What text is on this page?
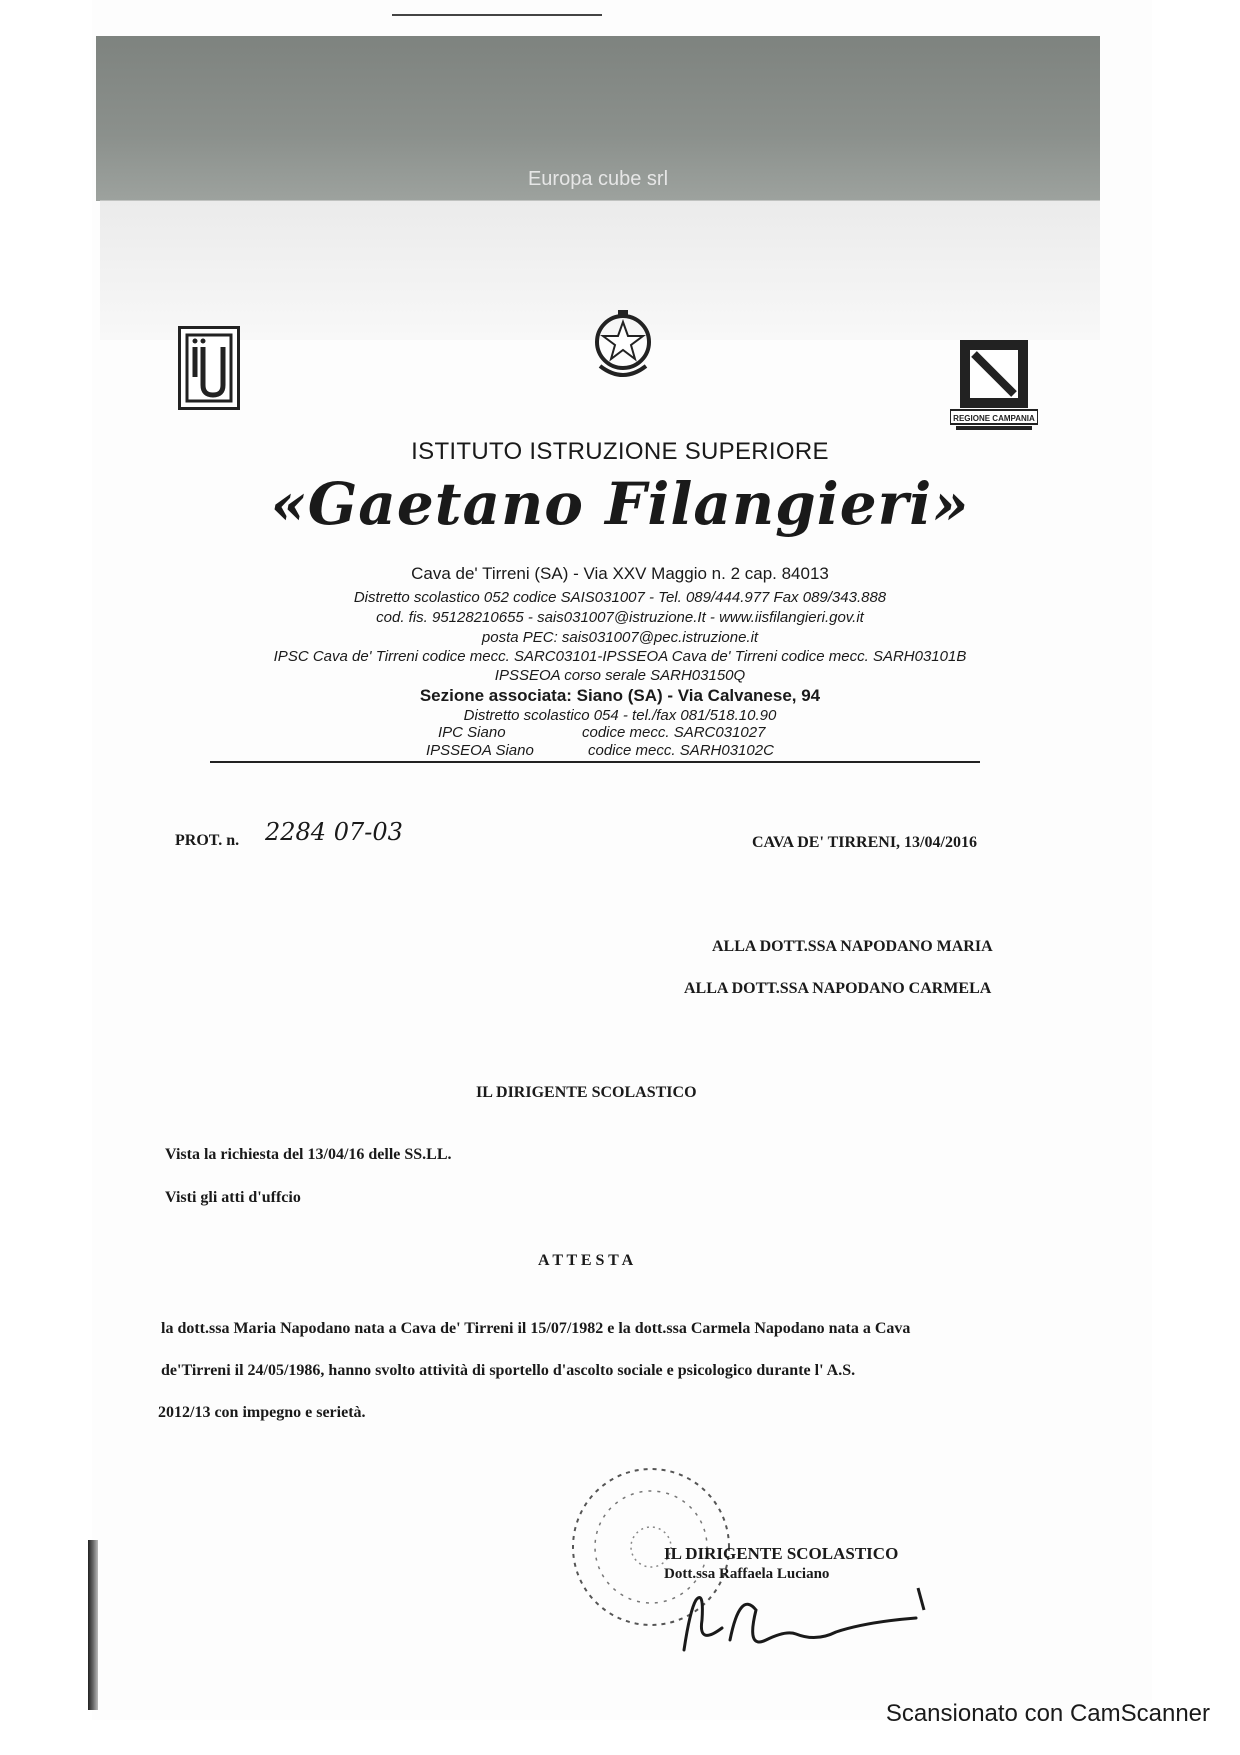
Europa cube srl
REGIONE CAMPANIA
ISTITUTO ISTRUZIONE SUPERIORE
«Gaetano Filangieri»
Cava de' Tirreni (SA) - Via XXV Maggio n. 2 cap. 84013
Distretto scolastico 052 codice SAIS031007 - Tel. 089/444.977 Fax 089/343.888
cod. fis. 95128210655 - sais031007@istruzione.It - www.iisfilangieri.gov.it
posta PEC: sais031007@pec.istruzione.it
IPSC Cava de' Tirreni codice mecc. SARC03101-IPSSEOA Cava de' Tirreni codice mecc. SARH03101B
IPSSEOA corso serale SARH03150Q
Sezione associata: Siano (SA) - Via Calvanese, 94
Distretto scolastico 054 - tel./fax 081/518.10.90
IPC Siano	codice mecc. SARC031027
IPSSEOA Siano	codice mecc. SARH03102C
PROT. n. 2284 07-03	CAVA DE' TIRRENI, 13/04/2016
ALLA DOTT.SSA NAPODANO MARIA
ALLA DOTT.SSA NAPODANO CARMELA
IL DIRIGENTE SCOLASTICO
Vista la richiesta del 13/04/16 delle SS.LL.
Visti gli atti d'uffcio
A T T E S T A
la dott.ssa Maria Napodano nata a Cava de' Tirreni il 15/07/1982 e la dott.ssa Carmela Napodano nata a Cava
de'Tirreni il 24/05/1986, hanno svolto attività di sportello d'ascolto sociale e psicologico durante l' A.S.
2012/13 con impegno e serietà.
IL DIRIGENTE SCOLASTICO
Dott.ssa Raffaela Luciano
Scansionato con CamScanner
